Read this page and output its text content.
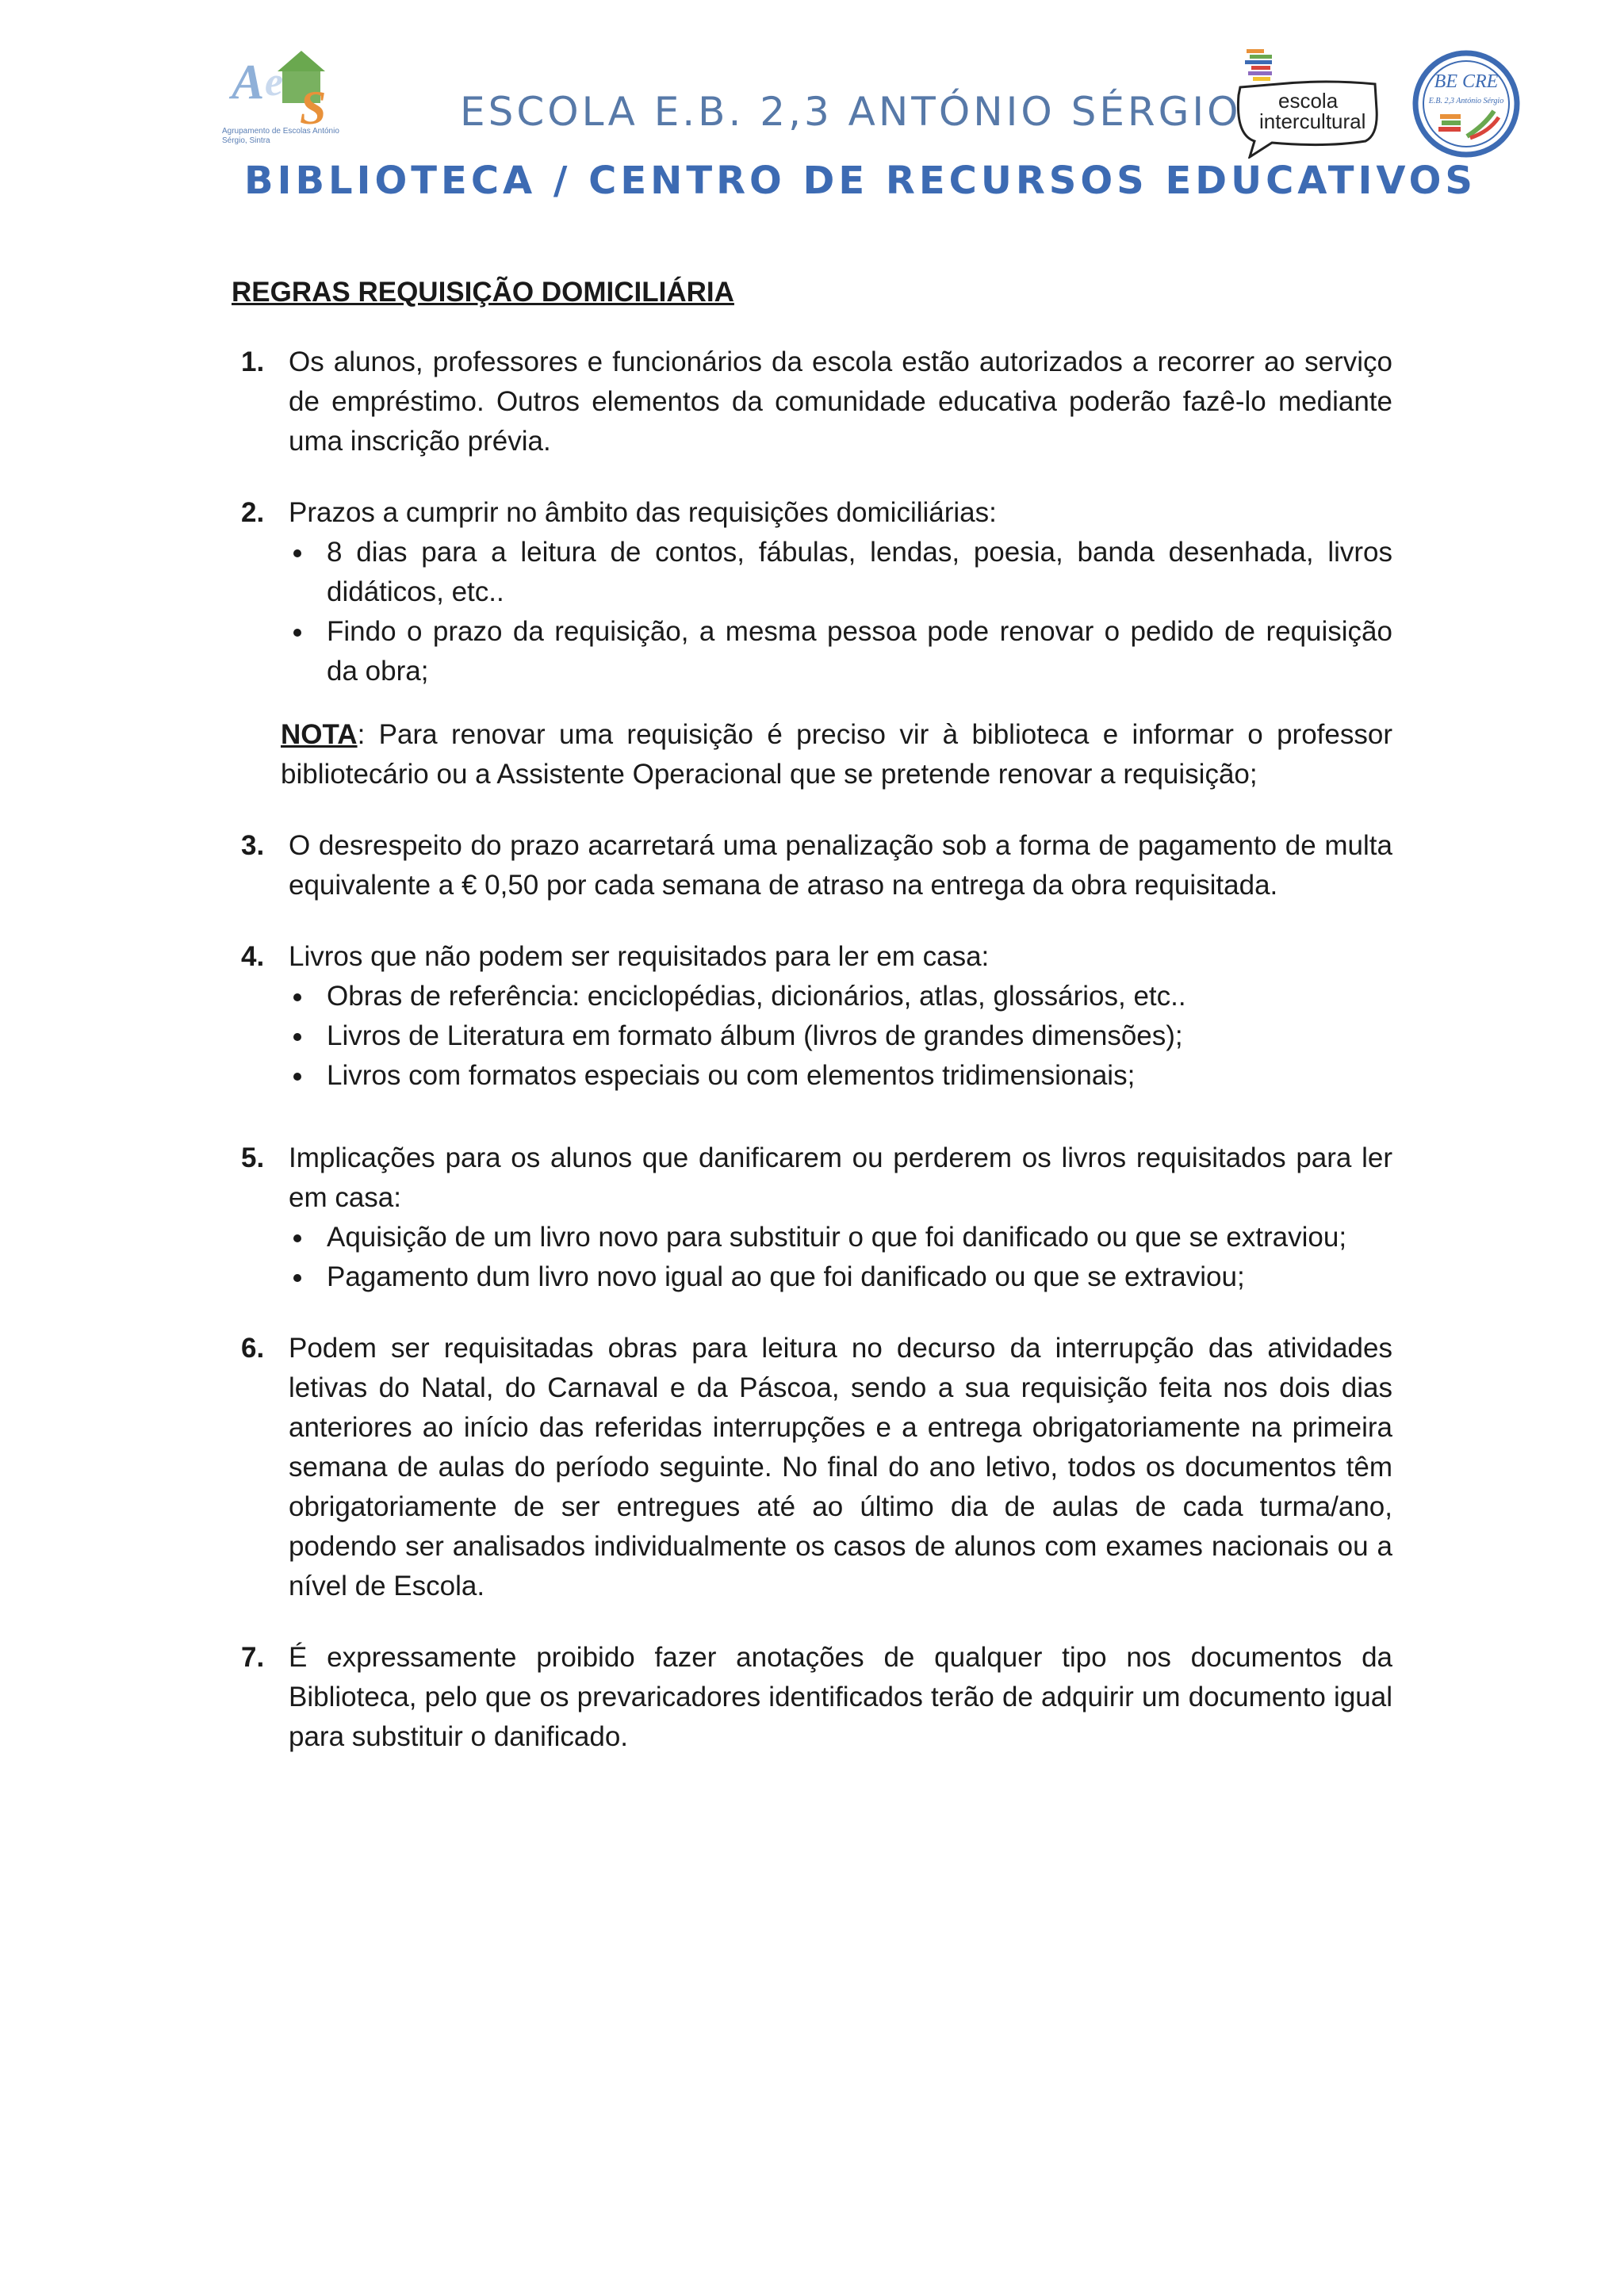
A e S
Agrupamento de Escolas António Sérgio, Sintra
ESCOLA E.B. 2,3 ANTÓNIO SÉRGIO escola
intercultural
BE CRE
E.B. 2,3 António Sérgio
BIBLIOTECA / CENTRO DE RECURSOS EDUCATIVOS
REGRAS REQUISIÇÃO DOMICILIÁRIA
1. Os alunos, professores e funcionários da escola estão autorizados a recorrer ao serviço de empréstimo. Outros elementos da comunidade educativa poderão fazê-lo mediante uma inscrição prévia.
2. Prazos a cumprir no âmbito das requisições domiciliárias:
8 dias para a leitura de contos, fábulas, lendas, poesia, banda desenhada, livros didáticos, etc..
Findo o prazo da requisição, a mesma pessoa pode renovar o pedido de requisição da obra;
NOTA: Para renovar uma requisição é preciso vir à biblioteca e informar o professor bibliotecário ou a Assistente Operacional que se pretende renovar a requisição;
3. O desrespeito do prazo acarretará uma penalização sob a forma de pagamento de multa equivalente a € 0,50 por cada semana de atraso na entrega da obra requisitada.
4. Livros que não podem ser requisitados para ler em casa:
Obras de referência: enciclopédias, dicionários, atlas, glossários, etc..
Livros de Literatura em formato álbum (livros de grandes dimensões);
Livros com formatos especiais ou com elementos tridimensionais;
5. Implicações para os alunos que danificarem ou perderem os livros requisitados para ler em casa:
Aquisição de um livro novo para substituir o que foi danificado ou que se extraviou;
Pagamento dum livro novo igual ao que foi danificado ou que se extraviou;
6. Podem ser requisitadas obras para leitura no decurso da interrupção das atividades letivas do Natal, do Carnaval e da Páscoa, sendo a sua requisição feita nos dois dias anteriores ao início das referidas interrupções e a entrega obrigatoriamente na primeira semana de aulas do período seguinte. No final do ano letivo, todos os documentos têm obrigatoriamente de ser entregues até ao último dia de aulas de cada turma/ano, podendo ser analisados individualmente os casos de alunos com exames nacionais ou a nível de Escola.
7. É expressamente proibido fazer anotações de qualquer tipo nos documentos da Biblioteca, pelo que os prevaricadores identificados terão de adquirir um documento igual para substituir o danificado.
